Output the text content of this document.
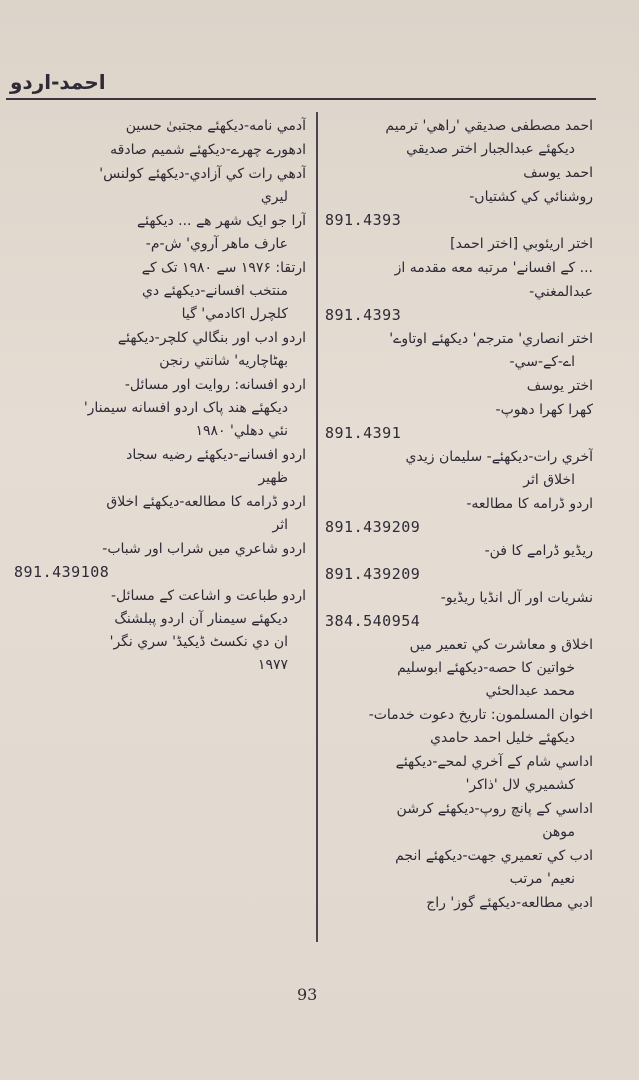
احمد-اردو
احمد مصطفى صديقي 'راهي' ترميم
ديكهئے عبدالجبار اختر صديقي
احمد يوسف
روشنائي كي كشتياں-
891.4393
اختر اريئوبي [اختر احمد]
... كے افسانے' مرتبه معه مقدمه از
عبدالمغني-
891.4393
اختر انصاري' مترجم' ديكهئے اوتاوے'
اے-كے-سي-
اختر يوسف
كهرا كهرا دهوپ-
891.4391
آخري رات-ديكهئے- سليمان زيدي
اخلاق اثر
اردو ڈرامه كا مطالعه-
891.439209
ريڈيو ڈرامے كا فن-
891.439209
نشريات اور آل انڈيا ريڈيو-
384.540954
اخلاق و معاشرت كي تعمير ميں
خواتين كا حصه-ديكهئے ابوسليم
محمد عبدالحئي
اخوان المسلمون: تاريخ دعوت خدمات-
ديكهئے خليل احمد حامدي
اداسي شام كے آخري لمحے-ديكهئے
كشميري لال 'ذاكر'
اداسي كے پانچ روپ-ديكهئے كرشن
موهن
ادب كي تعميري جهت-ديكهئے انجم
نعيم' مرتب
ادبي مطالعه-ديكهئے گوز' راج
آدمي نامه-ديكهئے مجتبىٰ حسين
ادهورے چهرے-ديكهئے شميم صادقه
آدهي رات كي آزادي-ديكهئے كولنس'
ليري
آرا جو ايک شهر هے ... ديكهئے
عارف ماهر آروي' ش-م-
ارتقا: ۱۹۷۶ سے ۱۹۸۰ تک كے
منتخب افسانے-ديكهئے دي
كلچرل اكادمي' گيا
اردو ادب اور بنگالي كلچر-ديكهئے
بهٹاچاريه' شانتي رنجن
اردو افسانه: روايت اور مسائل-
ديكهئے هند پاک اردو افسانه سيمنار'
نئي دهلي' ۱۹۸۰
اردو افسانے-ديكهئے رضيه سجاد
ظهير
اردو ڈرامه كا مطالعه-ديكهئے اخلاق
اثر
اردو شاعري ميں شراب اور شباب-
891.439108
اردو طباعت و اشاعت كے مسائل-
ديكهئے سيمنار آن اردو پبلشنگ
ان دي نكسٹ ڈيكيڈ' سري نگر'
۱۹۷۷
93
